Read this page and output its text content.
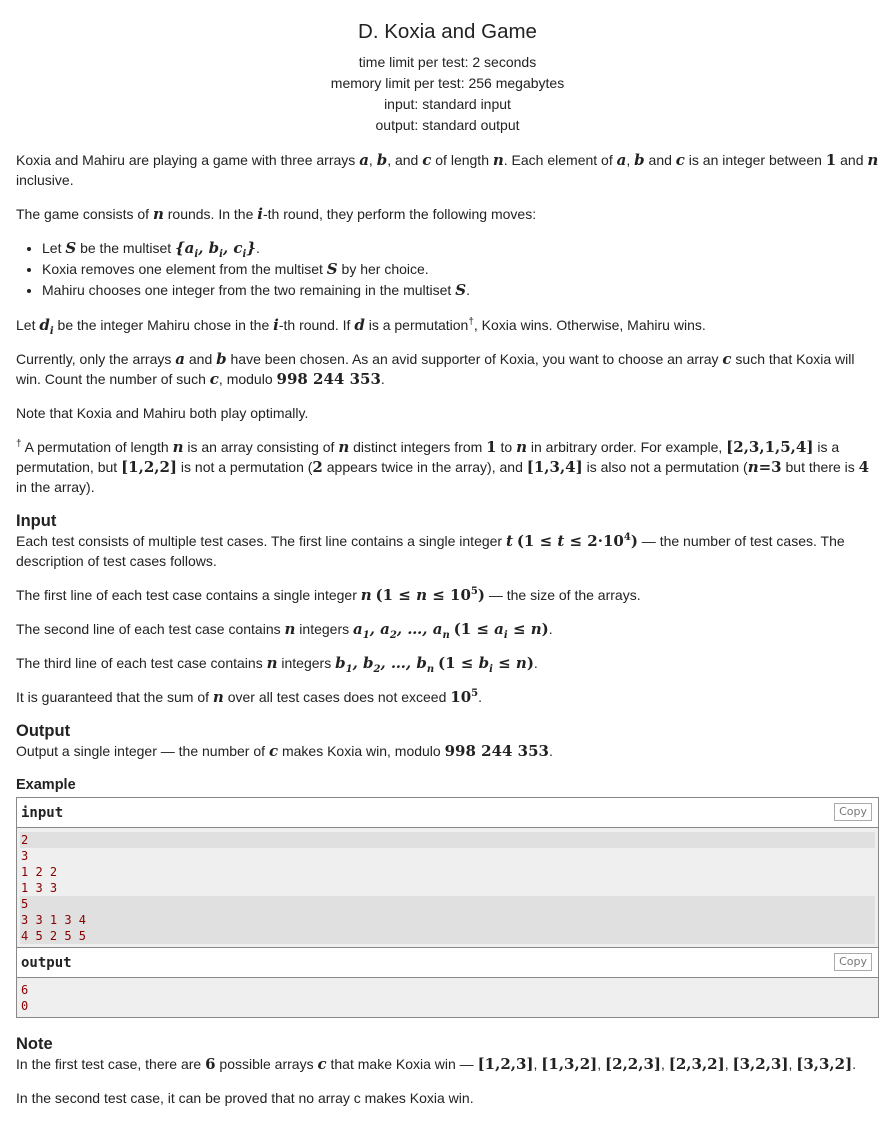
D. Koxia and Game
time limit per test: 2 seconds
memory limit per test: 256 megabytes
input: standard input
output: standard output

Koxia and Mahiru are playing a game with three arrays a, b, and c of length n. Each element of a, b and c is an integer between 1 and n inclusive.

The game consists of n rounds. In the i-th round, they perform the following moves:

• Let S be the multiset {$a_i$, $b_i$, $c_i$}.
• Koxia removes one element from the multiset S by her choice.
• Mahiru chooses one integer from the two remaining in the multiset S.

Let $d_i$ be the integer Mahiru chose in the i-th round. If d is a permutation†, Koxia wins. Otherwise, Mahiru wins.

Currently, only the arrays a and b have been chosen. As an avid supporter of Koxia, you want to choose an array c such that Koxia will win. Count the number of such c, modulo 998 244 353.

Note that Koxia and Mahiru both play optimally.

† A permutation of length n is an array consisting of n distinct integers from 1 to n in arbitrary order. For example, [2,3,1,5,4] is a permutation, but [1,2,2] is not a permutation (2 appears twice in the array), and [1,3,4] is also not a permutation (n=3 but there is 4 in the array).

Input

Each test consists of multiple test cases. The first line contains a single integer t $(1 \le t \le 2\cdot 10^4)$ — the number of test cases. The description of test cases follows.

The first line of each test case contains a single integer n $(1 \le n \le 10^5)$ — the size of the arrays.

The second line of each test case contains n integers $a_1$, $a_2$, …, $a_n$ $(1 \le a_i \le n)$.

The third line of each test case contains n integers $b_1$, $b_2$, …, $b_n$ $(1 \le b_i \le n)$.

It is guaranteed that the sum of n over all test cases does not exceed $10^5$.

Output

Output a single integer — the number of c makes Koxia win, modulo 998 244 353.

Example
input	Copy
2
3
1 2 2
1 3 3
5
3 3 1 3 4
4 5 2 5 5
output	Copy
6
0
Note

In the first test case, there are 6 possible arrays c that make Koxia win — [1,2,3], [1,3,2], [2,2,3], [2,3,2], [3,2,3], [3,3,2].

In the second test case, it can be proved that no array c makes Koxia win.
